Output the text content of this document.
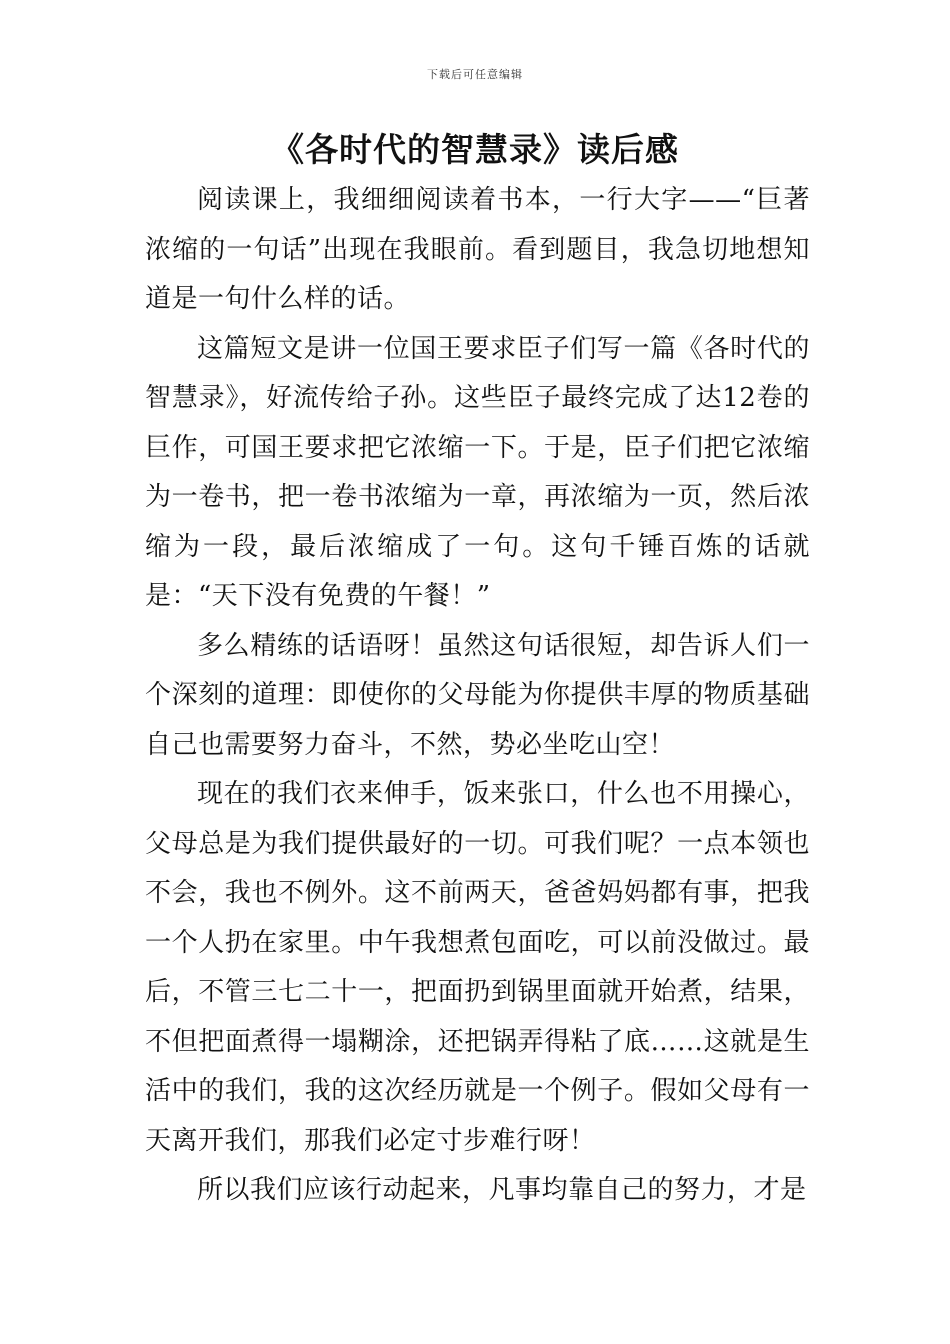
下载后可任意编辑
《各时代的智慧录》读后感

阅读课上，我细细阅读着书本，一行大字——“巨著浓缩的一句话”出现在我眼前。看到题目，我急切地想知道是一句什么样的话。

这篇短文是讲一位国王要求臣子们写一篇《各时代的智慧录》，好流传给子孙。这些臣子最终完成了达12卷的巨作，可国王要求把它浓缩一下。于是，臣子们把它浓缩为一卷书，把一卷书浓缩为一章，再浓缩为一页，然后浓缩为一段，最后浓缩成了一句。这句千锤百炼的话就是：“天下没有免费的午餐！”

多么精练的话语呀！虽然这句话很短，却告诉人们一个深刻的道理：即使你的父母能为你提供丰厚的物质基础自己也需要努力奋斗，不然，势必坐吃山空！

现在的我们衣来伸手，饭来张口，什么也不用操心，父母总是为我们提供最好的一切。可我们呢？一点本领也不会，我也不例外。这不前两天，爸爸妈妈都有事，把我一个人扔在家里。中午我想煮包面吃，可以前没做过。最后，不管三七二十一，把面扔到锅里面就开始煮，结果，不但把面煮得一塌糊涂，还把锅弄得粘了底……这就是生活中的我们，我的这次经历就是一个例子。假如父母有一天离开我们，那我们必定寸步难行呀！

所以我们应该行动起来，凡事均靠自己的努力，才是
